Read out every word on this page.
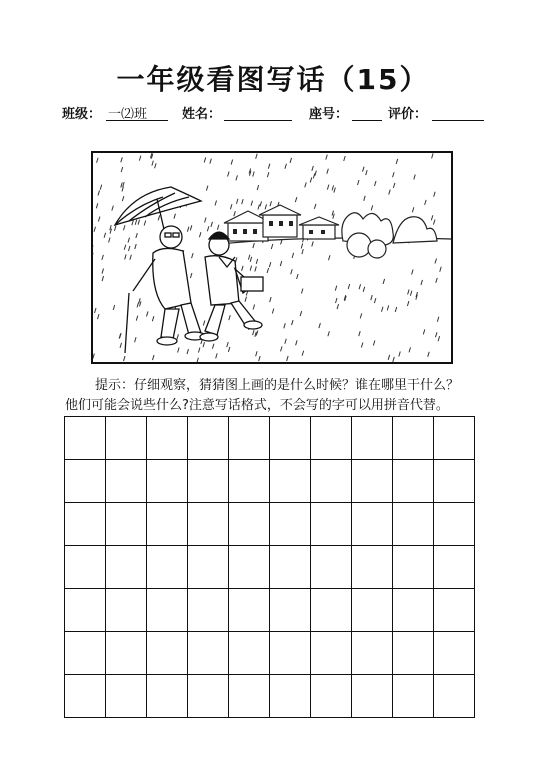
一年级看图写话（15）
班级： 一⑵班	姓名：	座号：	评价：
提示：仔细观察，猜猜图上画的是什么时候？谁在哪里干什么？
他们可能会说些什么?注意写话格式，不会写的字可以用拼音代替。
